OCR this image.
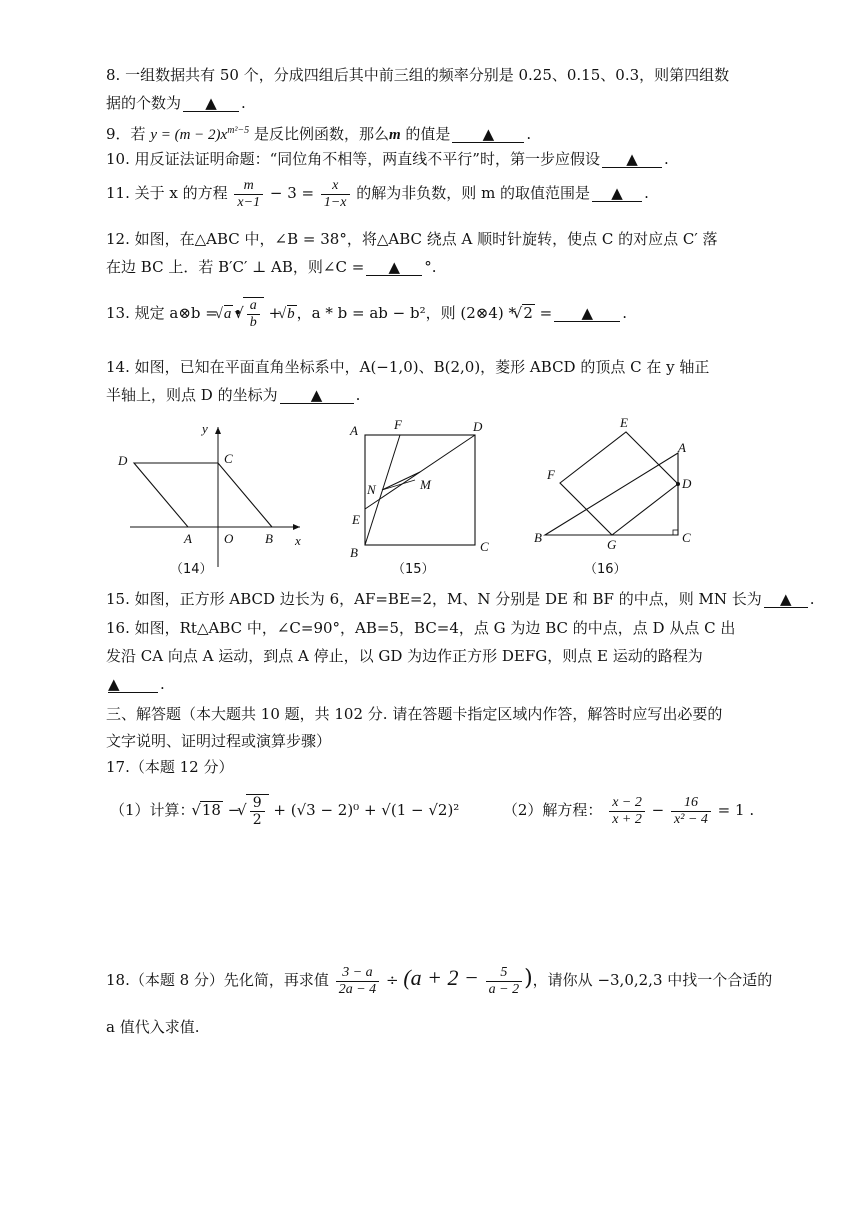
8. 一组数据共有 50 个，分成四组后其中前三组的频率分别是 0.25、0.15、0.3，则第四组数
据的个数为 ▲ .
9．若 $y = (m - 2)x^{m^2-5}$ 是反比例函数，那么m 的值是 ▲ .
10. 用反证法证明命题：“同位角不相等，两直线不平行”时，第一步应假设 ▲ .
11. 关于 x 的方程 $\frac{m}{x-1} - 3 = \frac{x}{1-x}$ 的解为非负数，则 m 的取值范围是 ▲ .
12. 如图，在△ABC 中，∠B = 38°，将△ABC 绕点 A 顺时针旋转，使点 C 的对应点 C′ 落
在边 BC 上．若 B′C′ ⊥ AB，则∠C = ▲ °.
13. 规定 a⊗b = √ a • √ $\frac{a}{b}$ + √ b ，a * b = ab − b²，则 (2⊗4) * √ 2 = ▲ .
14. 如图，已知在平面直角坐标系中，A(−1,0)、B(2,0)，菱形 ABCD 的顶点 C 在 y 轴正
半轴上，则点 D 的坐标为 ▲ .
D	C
A O B x
y	A	F	D
N	M
E
B	C
E
A
F
D
B	G	C
（14）	（15）	（16）
15. 如图，正方形 ABCD 边长为 6，AF=BE=2，M、N 分别是 DE 和 BF 的中点，则 MN 长为 ▲ .
16. 如图，Rt△ABC 中，∠C=90°，AB=5，BC=4，点 G 为边 BC 的中点，点 D 从点 C 出
发沿 CA 向点 A 运动，到点 A 停止，以 GD 为边作正方形 DEFG，则点 E 运动的路程为
▲	.
三、解答题（本大题共 10 题，共 102 分. 请在答题卡指定区域内作答，解答时应写出必要的
文字说明、证明过程或演算步骤）
17.（本题 12 分）
（1）计算： √ 18 − √ $\frac{9}{2} + (√3 - 2)^0 + √(1 - √2)^2$	（2）解方程： $\frac{x - 2}{x + 2} - \frac{16}{\text{x² − 4}} = 1$ .
18.（本题 8 分）先化简，再求值 $\frac{3 - a}{2a - 4} \div (a + 2 - \frac{5}{a - 2}$ )，请你从 −3,0,2,3 中找一个合适的
a 值代入求值.
